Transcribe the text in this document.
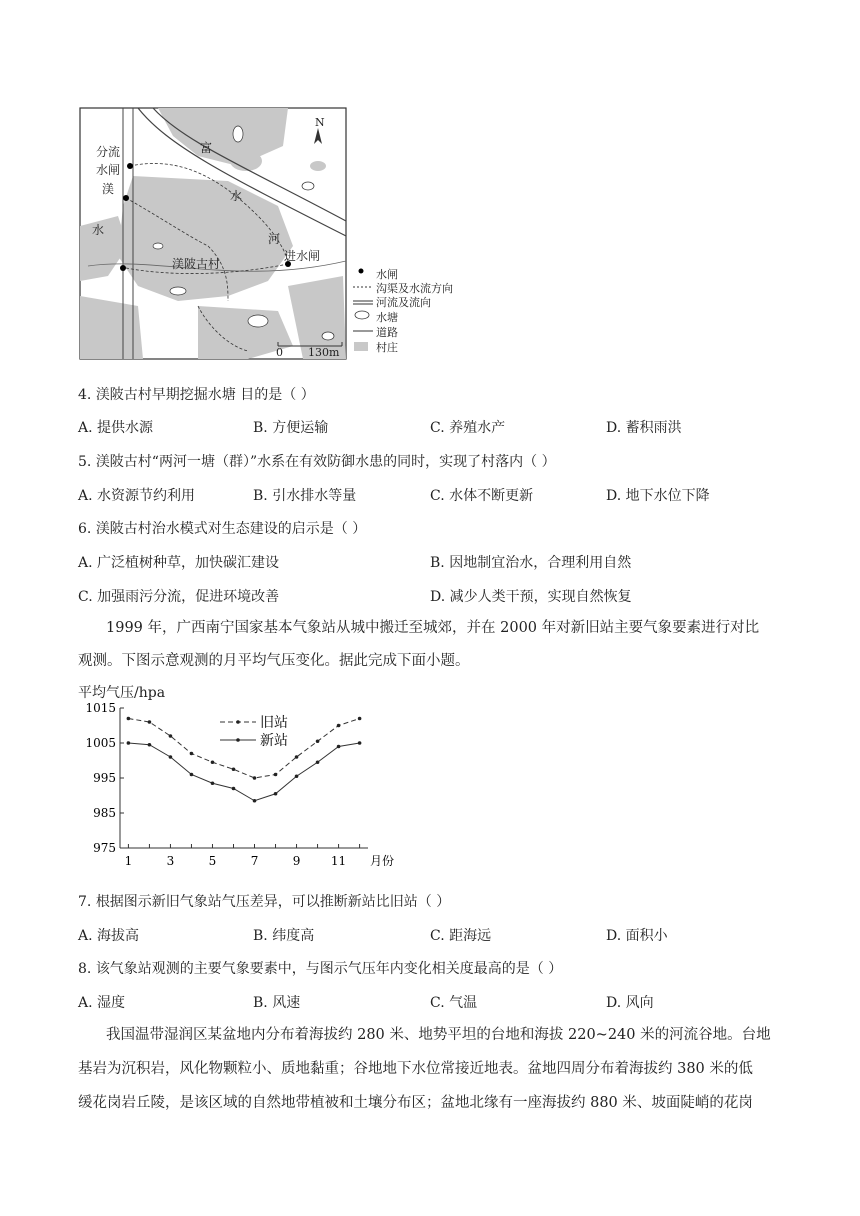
分流
水闸
渼
水
富
水
河
进水闸
渼陂古村
N
0 130m
水闸
沟渠及水流方向
河流及流向
水塘
道路
村庄
4. 渼陂古村早期挖掘水塘 目的是（ ）
A. 提供水源	B. 方便运输	C. 养殖水产	D. 蓄积雨洪
5. 渼陂古村“两河一塘（群）”水系在有效防御水患的同时，实现了村落内（ ）
A. 水资源节约利用	B. 引水排水等量	C. 水体不断更新	D. 地下水位下降
6. 渼陂古村治水模式对生态建设的启示是（ ）
A. 广泛植树种草，加快碳汇建设	B. 因地制宜治水，合理利用自然
C. 加强雨污分流，促进环境改善	D. 减少人类干预，实现自然恢复
1999 年，广西南宁国家基本气象站从城中搬迁至城郊，并在 2000 年对新旧站主要气象要素进行对比
观测。下图示意观测的月平均气压变化。据此完成下面小题。
平均气压/hpa
1015
1005
995
985
975
1	3	5	7	9	11 月份
旧站
新站
7. 根据图示新旧气象站气压差异，可以推断新站比旧站（ ）
A. 海拔高	B. 纬度高	C. 距海远	D. 面积小
8. 该气象站观测的主要气象要素中，与图示气压年内变化相关度最高的是（ ）
A. 湿度	B. 风速	C. 气温	D. 风向
我国温带湿润区某盆地内分布着海拔约 280 米、地势平坦的台地和海拔 220~240 米的河流谷地。台地
基岩为沉积岩，风化物颗粒小、质地黏重；谷地地下水位常接近地表。盆地四周分布着海拔约 380 米的低
缓花岗岩丘陵，是该区域的自然地带植被和土壤分布区；盆地北缘有一座海拔约 880 米、坡面陡峭的花岗
